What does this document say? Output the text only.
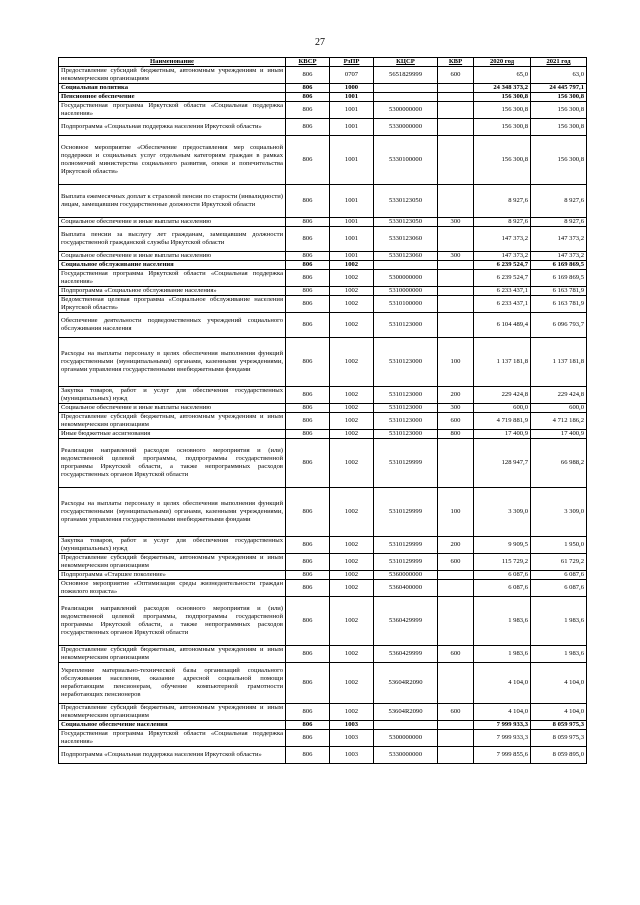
27
Наименование	КВСР	РзПР	КЦСР	КВР	2020 год	2021 год
Предоставление субсидий бюджетным, автономным учреждениям и иным некоммерческим организациям	806	0707	5651829999	600	65,0	63,0
Социальная политика	806	1000			24 348 373,2	24 445 797,1
Пенсионное обеспечение	806	1001			156 300,8	156 300,8
Государственная программа Иркутской области «Социальная поддержка населения»	806	1001	5300000000		156 300,8	156 300,8
Подпрограмма «Социальная поддержка населения Иркутской области»	806	1001	5330000000		156 300,8	156 300,8
Основное мероприятие «Обеспечение предоставления мер социальной поддержки и социальных услуг отдельным категориям граждан в рамках полномочий министерства социального развития, опеки и попечительства Иркутской области»	806	1001	5330100000		156 300,8	156 300,8
Выплата ежемесячных доплат к страховой пенсии по старости (инвалидности) лицам, замещавшим государственные должности Иркутской области	806	1001	5330123050		8 927,6	8 927,6
Социальное обеспечение и иные выплаты населению	806	1001	5330123050	300	8 927,6	8 927,6
Выплата пенсии за выслугу лет гражданам, замещавшим должности государственной гражданской службы Иркутской области	806	1001	5330123060		147 373,2	147 373,2
Социальное обеспечение и иные выплаты населению	806	1001	5330123060	300	147 373,2	147 373,2
Социальное обслуживание населения	806	1002			6 239 524,7	6 169 869,5
Государственная программа Иркутской области «Социальная поддержка населения»	806	1002	5300000000		6 239 524,7	6 169 869,5
Подпрограмма «Социальное обслуживание населения»	806	1002	5310000000		6 233 437,1	6 163 781,9
Ведомственная целевая программа «Социальное обслуживание населения Иркутской области»	806	1002	5310100000		6 233 437,1	6 163 781,9
Обеспечение деятельности подведомственных учреждений социального обслуживания населения	806	1002	5310123000		6 104 489,4	6 096 793,7
Расходы на выплаты персоналу в целях обеспечения выполнения функций государственными (муниципальными) органами, казенными учреждениями, органами управления государственными внебюджетными фондами	806	1002	5310123000	100	1 137 181,8	1 137 181,8
Закупка товаров, работ и услуг для обеспечения государственных (муниципальных) нужд	806	1002	5310123000	200	229 424,8	229 424,8
Социальное обеспечение и иные выплаты населению	806	1002	5310123000	300	600,0	600,0
Предоставление субсидий бюджетным, автономным учреждениям и иным некоммерческим организациям	806	1002	5310123000	600	4 719 881,9	4 712 186,2
Иные бюджетные ассигнования	806	1002	5310123000	800	17 400,9	17 400,9
Реализация направлений расходов основного мероприятия и (или) ведомственной целевой программы, подпрограммы государственной программы Иркутской области, а также непрограммных расходов государственных органов Иркутской области	806	1002	5310129999		128 947,7	66 988,2
Расходы на выплаты персоналу в целях обеспечения выполнения функций государственными (муниципальными) органами, казенными учреждениями, органами управления государственными внебюджетными фондами	806	1002	5310129999	100	3 309,0	3 309,0
Закупка товаров, работ и услуг для обеспечения государственных (муниципальных) нужд	806	1002	5310129999	200	9 909,5	1 950,0
Предоставление субсидий бюджетным, автономным учреждениям и иным некоммерческим организациям	806	1002	5310129999	600	115 729,2	61 729,2
Подпрограмма «Старшее поколение»	806	1002	5360000000		6 087,6	6 087,6
Основное мероприятие «Оптимизация среды жизнедеятельности граждан пожилого возраста»	806	1002	5360400000		6 087,6	6 087,6
Реализация направлений расходов основного мероприятия и (или) ведомственной целевой программы, подпрограммы государственной программы Иркутской области, а также непрограммных расходов государственных органов Иркутской области	806	1002	5360429999		1 983,6	1 983,6
Предоставление субсидий бюджетным, автономным учреждениям и иным некоммерческим организациям	806	1002	5360429999	600	1 983,6	1 983,6
Укрепление материально-технической базы организаций социального обслуживания населения, оказание адресной социальной помощи неработающим пенсионерам, обучение компьютерной грамотности неработающих пенсионеров	806	1002	53604R2090		4 104,0	4 104,0
Предоставление субсидий бюджетным, автономным учреждениям и иным некоммерческим организациям	806	1002	53604R2090	600	4 104,0	4 104,0
Социальное обеспечение населения	806	1003			7 999 933,3	8 059 975,3
Государственная программа Иркутской области «Социальная поддержка населения»	806	1003	5300000000		7 999 933,3	8 059 975,3
Подпрограмма «Социальная поддержка населения Иркутской области»	806	1003	5330000000		7 999 855,6	8 059 895,0
